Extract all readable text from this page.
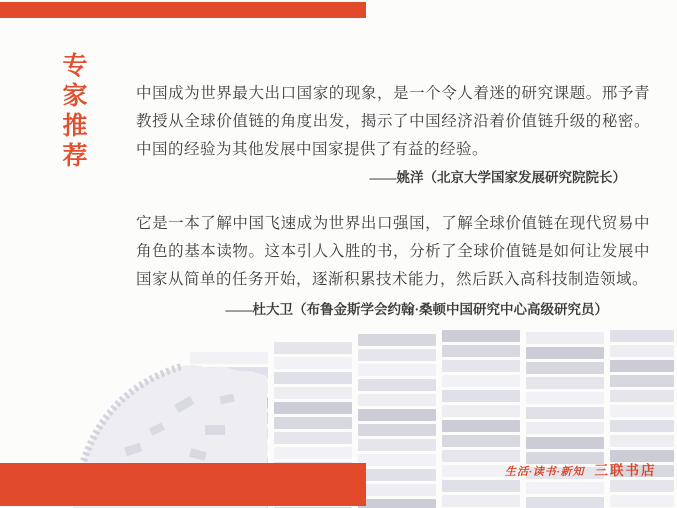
专家推荐	中国成为世界最大出口国家的现象，是一个令人着迷的研究课题。邢予青教授从全球价值链的角度出发，揭示了中国经济沿着价值链升级的秘密。中国的经验为其他发展中国家提供了有益的经验。

——姚洋（北京大学国家发展研究院院长）

它是一本了解中国飞速成为世界出口强国，了解全球价值链在现代贸易中角色的基本读物。这本引人入胜的书，分析了全球价值链是如何让发展中国家从简单的任务开始，逐渐积累技术能力，然后跃入高科技制造领域。

——杜大卫（布鲁金斯学会约翰·桑顿中国研究中心高级研究员）

生活·读书·新知 三联书店
